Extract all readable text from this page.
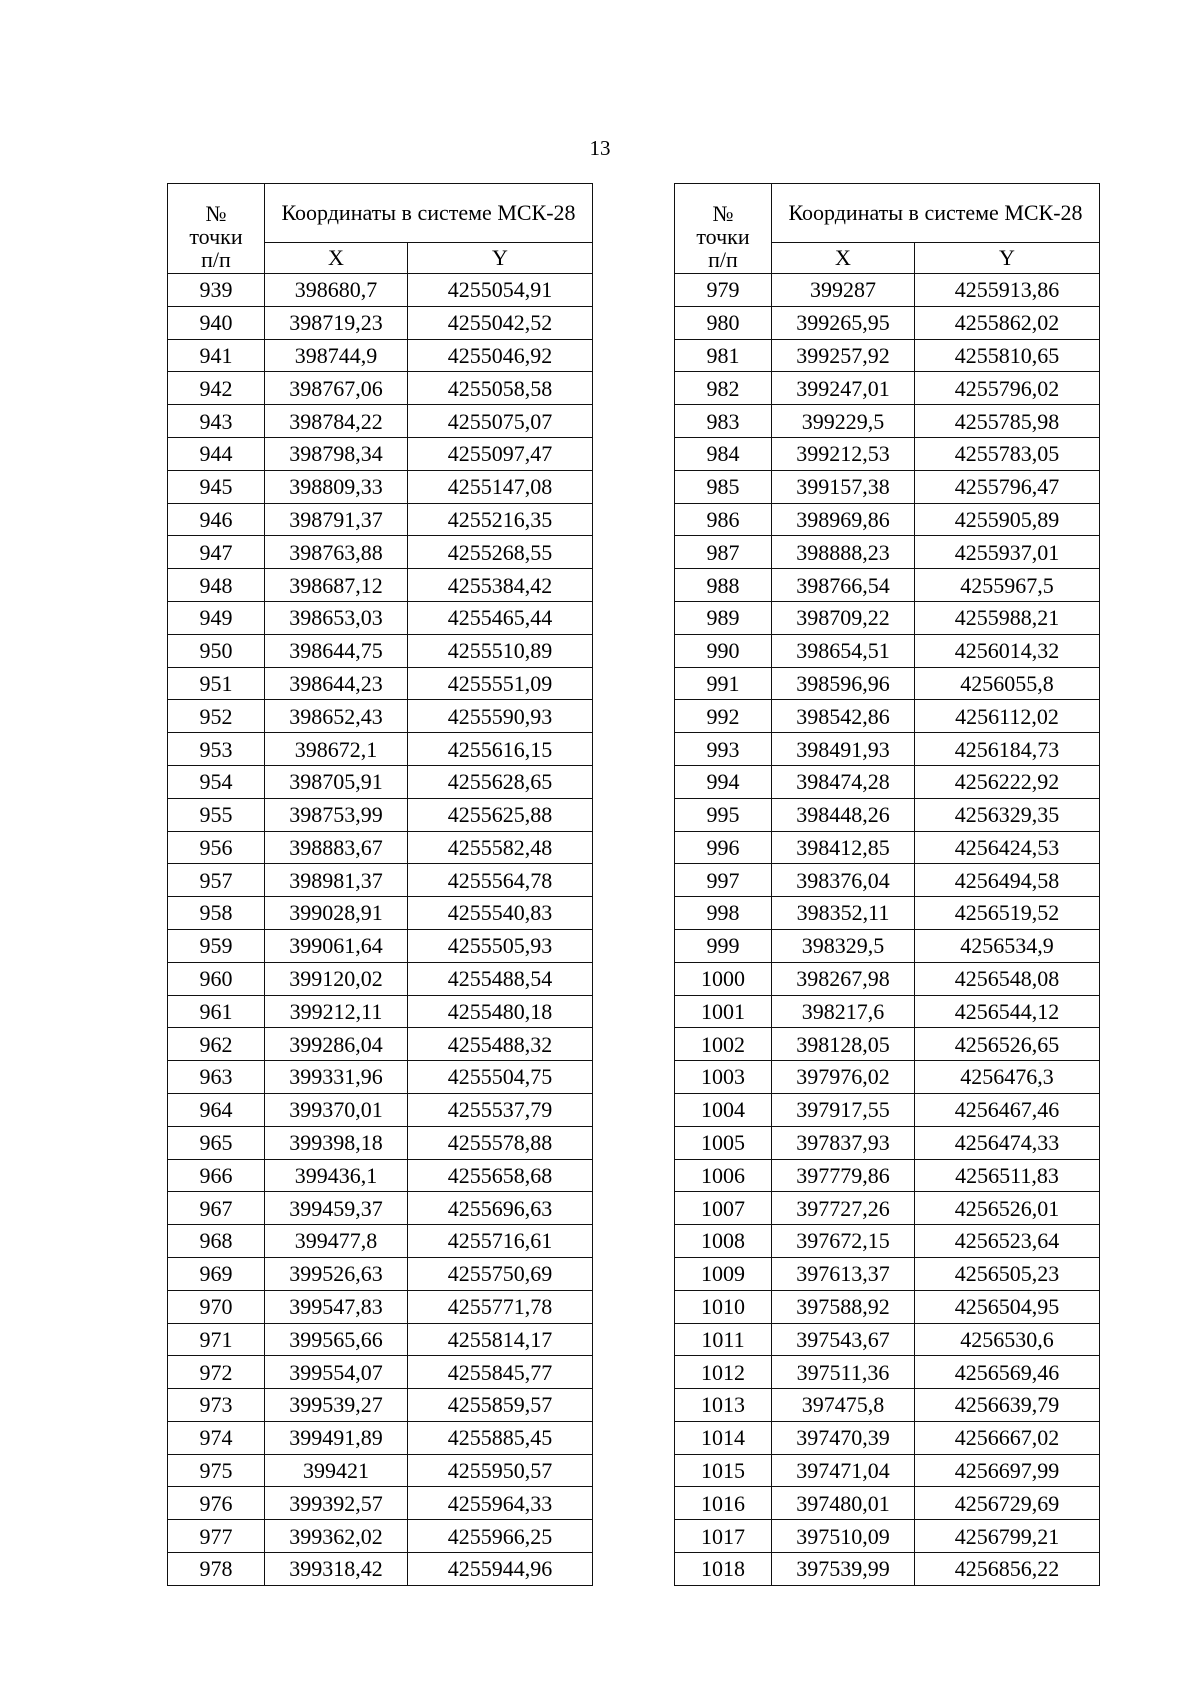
13
№
точки
п/п	Координаты в системе МСК-28	
	X	Y
939	398680,7	4255054,91
940	398719,23	4255042,52
941	398744,9	4255046,92
942	398767,06	4255058,58
943	398784,22	4255075,07
944	398798,34	4255097,47
945	398809,33	4255147,08
946	398791,37	4255216,35
947	398763,88	4255268,55
948	398687,12	4255384,42
949	398653,03	4255465,44
950	398644,75	4255510,89
951	398644,23	4255551,09
952	398652,43	4255590,93
953	398672,1	4255616,15
954	398705,91	4255628,65
955	398753,99	4255625,88
956	398883,67	4255582,48
957	398981,37	4255564,78
958	399028,91	4255540,83
959	399061,64	4255505,93
960	399120,02	4255488,54
961	399212,11	4255480,18
962	399286,04	4255488,32
963	399331,96	4255504,75
964	399370,01	4255537,79
965	399398,18	4255578,88
966	399436,1	4255658,68
967	399459,37	4255696,63
968	399477,8	4255716,61
969	399526,63	4255750,69
970	399547,83	4255771,78
971	399565,66	4255814,17
972	399554,07	4255845,77
973	399539,27	4255859,57
974	399491,89	4255885,45
975	399421	4255950,57
976	399392,57	4255964,33
977	399362,02	4255966,25
978	399318,42	4255944,96
№
точки
п/п	Координаты в системе МСК-28	
	X	Y
979	399287	4255913,86
980	399265,95	4255862,02
981	399257,92	4255810,65
982	399247,01	4255796,02
983	399229,5	4255785,98
984	399212,53	4255783,05
985	399157,38	4255796,47
986	398969,86	4255905,89
987	398888,23	4255937,01
988	398766,54	4255967,5
989	398709,22	4255988,21
990	398654,51	4256014,32
991	398596,96	4256055,8
992	398542,86	4256112,02
993	398491,93	4256184,73
994	398474,28	4256222,92
995	398448,26	4256329,35
996	398412,85	4256424,53
997	398376,04	4256494,58
998	398352,11	4256519,52
999	398329,5	4256534,9
1000	398267,98	4256548,08
1001	398217,6	4256544,12
1002	398128,05	4256526,65
1003	397976,02	4256476,3
1004	397917,55	4256467,46
1005	397837,93	4256474,33
1006	397779,86	4256511,83
1007	397727,26	4256526,01
1008	397672,15	4256523,64
1009	397613,37	4256505,23
1010	397588,92	4256504,95
1011	397543,67	4256530,6
1012	397511,36	4256569,46
1013	397475,8	4256639,79
1014	397470,39	4256667,02
1015	397471,04	4256697,99
1016	397480,01	4256729,69
1017	397510,09	4256799,21
1018	397539,99	4256856,22
